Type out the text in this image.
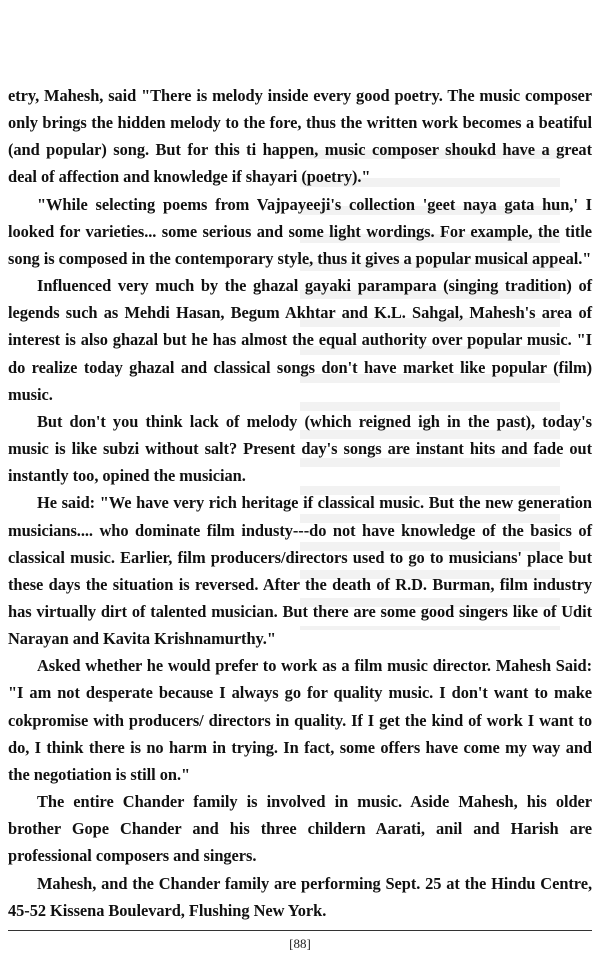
etry, Mahesh, said "There is melody inside every good poetry. The music composer only brings the hidden melody to the fore, thus the written work becomes a beatiful (and popular) song. But for this ti happen, music composer shoukd have a great deal of affection and knowledge if shayari (poetry)."

"While selecting poems from Vajpayeeji's collection 'geet naya gata hun,' I looked for varieties... some serious and some light wordings. For example, the title song is composed in the contemporary style, thus it gives a popular musical appeal."

Influenced very much by the ghazal gayaki parampara (singing tradition) of legends such as Mehdi Hasan, Begum Akhtar and K.L. Sahgal, Mahesh's area of interest is also ghazal but he has almost the equal authority over popular music. "I do realize today ghazal and classical songs don't have market like popular (film) music.

But don't you think lack of melody (which reigned igh in the past), today's music is like subzi without salt? Present day's songs are instant hits and fade out instantly too, opined the musician.

He said: "We have very rich heritage if classical music. But the new generation musicians.... who dominate film industy---do not have knowledge of the basics of classical music. Earlier, film producers/directors used to go to musicians' place but these days the situation is reversed. After the death of R.D. Burman, film industry has virtually dirt of talented musician. But there are some good singers like of Udit Narayan and Kavita Krishnamurthy."

Asked whether he would prefer to work as a film music director. Mahesh Said: "I am not desperate because I always go for quality music. I don't want to make cokpromise with producers/ directors in quality. If I get the kind of work I want to do, I think there is no harm in trying. In fact, some offers have come my way and the negotiation is still on."

The entire Chander family is involved in music. Aside Mahesh, his older brother Gope Chander and his three childern Aarati, anil and Harish are professional composers and singers.

Mahesh, and the Chander family are performing Sept. 25 at the Hindu Centre, 45-52 Kissena Boulevard, Flushing New York.

[88]
